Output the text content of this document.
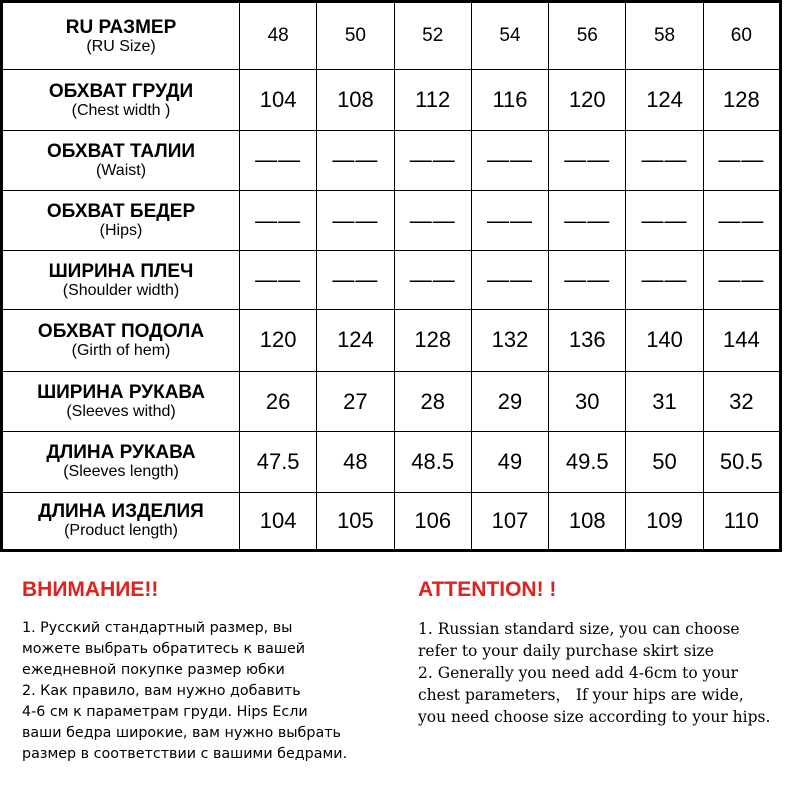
RU РАЗМЕР
(RU Size)	48	50	52	54	56	58	60

ОБХВАТ ГРУДИ
(Chest width )	104	108	112	116	120	124	128

ОБХВАТ ТАЛИИ
(Waist)	——	——	——	——	——	——	——

ОБХВАТ БЕДЕР
(Hips)	——	——	——	——	——	——	——

ШИРИНА ПЛЕЧ
(Shoulder width)	——	——	——	——	——	——	——

ОБХВАТ ПОДОЛА
(Girth of hem)	120	124	128	132	136	140	144

ШИРИНА РУКАВА
(Sleeves withd)	26	27	28	29	30	31	32

ДЛИНА РУКАВА
(Sleeves length)	47.5	48	48.5	49	49.5	50	50.5

ДЛИНА ИЗДЕЛИЯ
(Product length)	104	105	106	107	108	109	110
ВНИМАНИЕ!!

1. Русский стандартный размер, вы

можете выбрать обратитесь к вашей

ежедневной покупке размер юбки

2. Как правило, вам нужно добавить

4-6 см к параметрам груди. Hips Если

ваши бедра широкие, вам нужно выбрать

размер в соответствии с вашими бедрами.

ATTENTION! !

1. Russian standard size, you can choose

refer to your daily purchase skirt size

2. Generally you need add 4-6cm to your

chest parameters， If your hips are wide,

you need choose size according to your hips.
